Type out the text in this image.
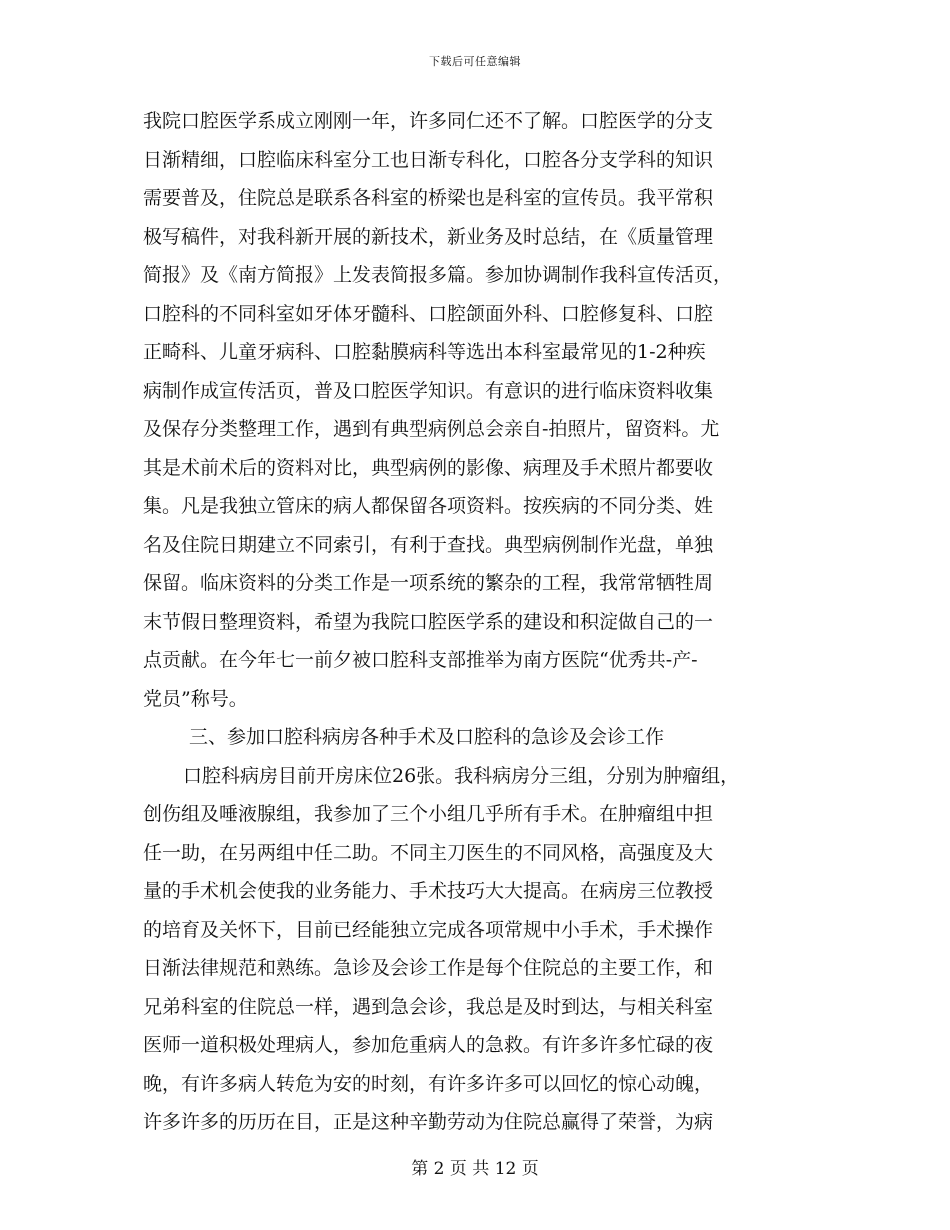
下载后可任意编辑
我院口腔医学系成立刚刚一年，许多同仁还不了解。口腔医学的分支
日渐精细，口腔临床科室分工也日渐专科化，口腔各分支学科的知识
需要普及，住院总是联系各科室的桥梁也是科室的宣传员。我平常积
极写稿件，对我科新开展的新技术，新业务及时总结，在《质量管理
简报》及《南方简报》上发表简报多篇。参加协调制作我科宣传活页，
口腔科的不同科室如牙体牙髓科、口腔颌面外科、口腔修复科、口腔
正畸科、儿童牙病科、口腔黏膜病科等选出本科室最常见的1-2种疾
病制作成宣传活页，普及口腔医学知识。有意识的进行临床资料收集
及保存分类整理工作，遇到有典型病例总会亲自-拍照片，留资料。尤
其是术前术后的资料对比，典型病例的影像、病理及手术照片都要收
集。凡是我独立管床的病人都保留各项资料。按疾病的不同分类、姓
名及住院日期建立不同索引，有利于查找。典型病例制作光盘，单独
保留。临床资料的分类工作是一项系统的繁杂的工程，我常常牺牲周
末节假日整理资料，希望为我院口腔医学系的建设和积淀做自己的一
点贡献。在今年七一前夕被口腔科支部推举为南方医院“优秀共-产-
党员”称号。
三、参加口腔科病房各种手术及口腔科的急诊及会诊工作
口腔科病房目前开房床位26张。我科病房分三组，分别为肿瘤组，
创伤组及唾液腺组，我参加了三个小组几乎所有手术。在肿瘤组中担
任一助，在另两组中任二助。不同主刀医生的不同风格，高强度及大
量的手术机会使我的业务能力、手术技巧大大提高。在病房三位教授
的培育及关怀下，目前已经能独立完成各项常规中小手术，手术操作
日渐法律规范和熟练。急诊及会诊工作是每个住院总的主要工作，和
兄弟科室的住院总一样，遇到急会诊，我总是及时到达，与相关科室
医师一道积极处理病人，参加危重病人的急救。有许多许多忙碌的夜
晚，有许多病人转危为安的时刻，有许多许多可以回忆的惊心动魄，
许多许多的历历在目，正是这种辛勤劳动为住院总赢得了荣誉，为病
第 2 页 共 12 页
